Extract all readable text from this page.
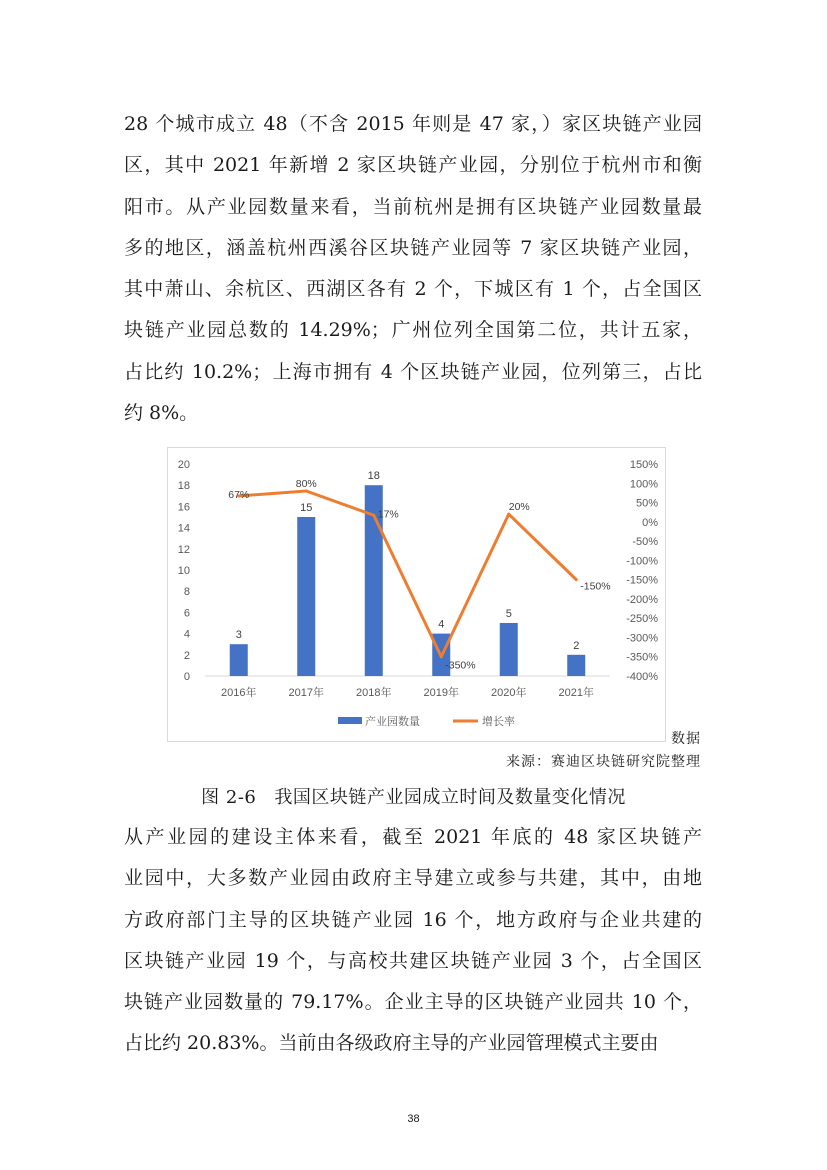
28 个城市成立 48（不含 2015 年则是 47 家，）家区块链产业园
区，其中 2021 年新增 2 家区块链产业园，分别位于杭州市和衡
阳市。从产业园数量来看，当前杭州是拥有区块链产业园数量最
多的地区，涵盖杭州西溪谷区块链产业园等 7 家区块链产业园，
其中萧山、余杭区、西湖区各有 2 个，下城区有 1 个，占全国区
块链产业园总数的 14.29%；广州位列全国第二位，共计五家，
占比约 10.2%；上海市拥有 4 个区块链产业园，位列第三，占比
约 8%。
0
2
4
6
8
10
12
14
16
18
20	150%
100%
50%
0%
-50%
-100%
-150%
-200%
-250%
-300%
-350%
-400%
3
15
18
4
5
2
67%
80%
17%
-350%
20%
-150%
2016年	2017年	2018年	2019年	2020年	2021年
产业园数量	增长率
数据
来源：赛迪区块链研究院整理
图 2-6 我国区块链产业园成立时间及数量变化情况
从产业园的建设主体来看，截至 2021 年底的 48 家区块链产
业园中，大多数产业园由政府主导建立或参与共建，其中，由地
方政府部门主导的区块链产业园 16 个，地方政府与企业共建的
区块链产业园 19 个，与高校共建区块链产业园 3 个，占全国区
块链产业园数量的 79.17%。企业主导的区块链产业园共 10 个，
占比约 20.83%。当前由各级政府主导的产业园管理模式主要由
38
